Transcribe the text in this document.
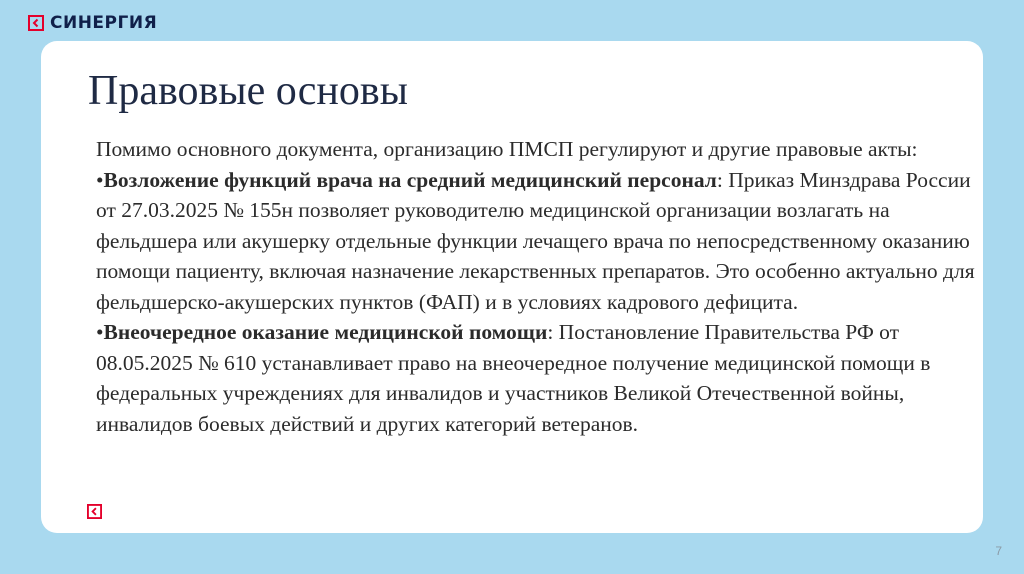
СИНЕРГИЯ
Правовые основы

Помимо основного документа, организацию ПМСП регулируют и другие правовые акты:

•Возложение функций врача на средний медицинский персонал: Приказ Минздрава России от 27.03.2025 № 155н позволяет руководителю медицинской организации возлагать на фельдшера или акушерку отдельные функции лечащего врача по непосредственному оказанию помощи пациенту, включая назначение лекарственных препаратов. Это особенно актуально для фельдшерско-акушерских пунктов (ФАП) и в условиях кадрового дефицита.

•Внеочередное оказание медицинской помощи: Постановление Правительства РФ от 08.05.2025 № 610 устанавливает право на внеочередное получение медицинской помощи в федеральных учреждениях для инвалидов и участников Великой Отечественной войны, инвалидов боевых действий и других категорий ветеранов.

7
